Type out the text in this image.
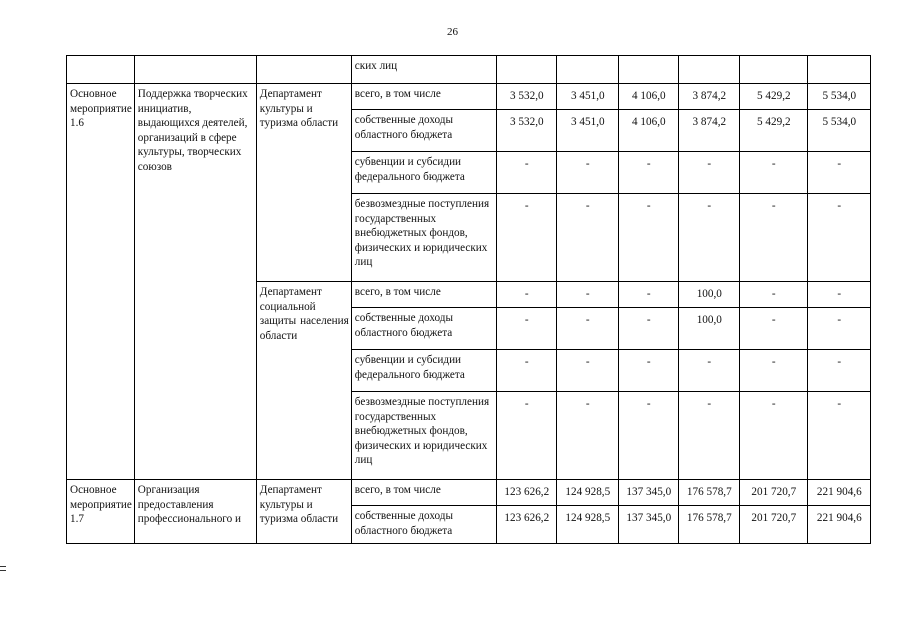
26
			ских лиц						
Основное мероприятие 1.6	Поддержка творческих инициатив, выдающихся деятелей, организаций в сфере культуры, творческих союзов	Департамент культуры и туризма области	всего, в том числе	3 532,0	3 451,0	4 106,0	3 874,2	5 429,2	5 534,0
			собственные доходы областного бюджета	3 532,0	3 451,0	4 106,0	3 874,2	5 429,2	5 534,0
			субвенции и субсидии федерального бюджета	-	-	-	-	-	-
			безвозмездные поступления государственных внебюджетных фондов, физических и юридических лиц	-	-	-	-	-	-
		Департамент социальной защиты населения области	всего, в том числе	-	-	-	100,0	-	-
			собственные доходы областного бюджета	-	-	-	100,0	-	-
			субвенции и субсидии федерального бюджета	-	-	-	-	-	-
			безвозмездные поступления государственных внебюджетных фондов, физических и юридических лиц	-	-	-	-	-	-
Основное мероприятие 1.7	Организация предоставления профессионального и	Департамент культуры и туризма области	всего, в том числе	123 626,2	124 928,5	137 345,0	176 578,7	201 720,7	221 904,6
			собственные доходы областного бюджета	123 626,2	124 928,5	137 345,0	176 578,7	201 720,7	221 904,6
